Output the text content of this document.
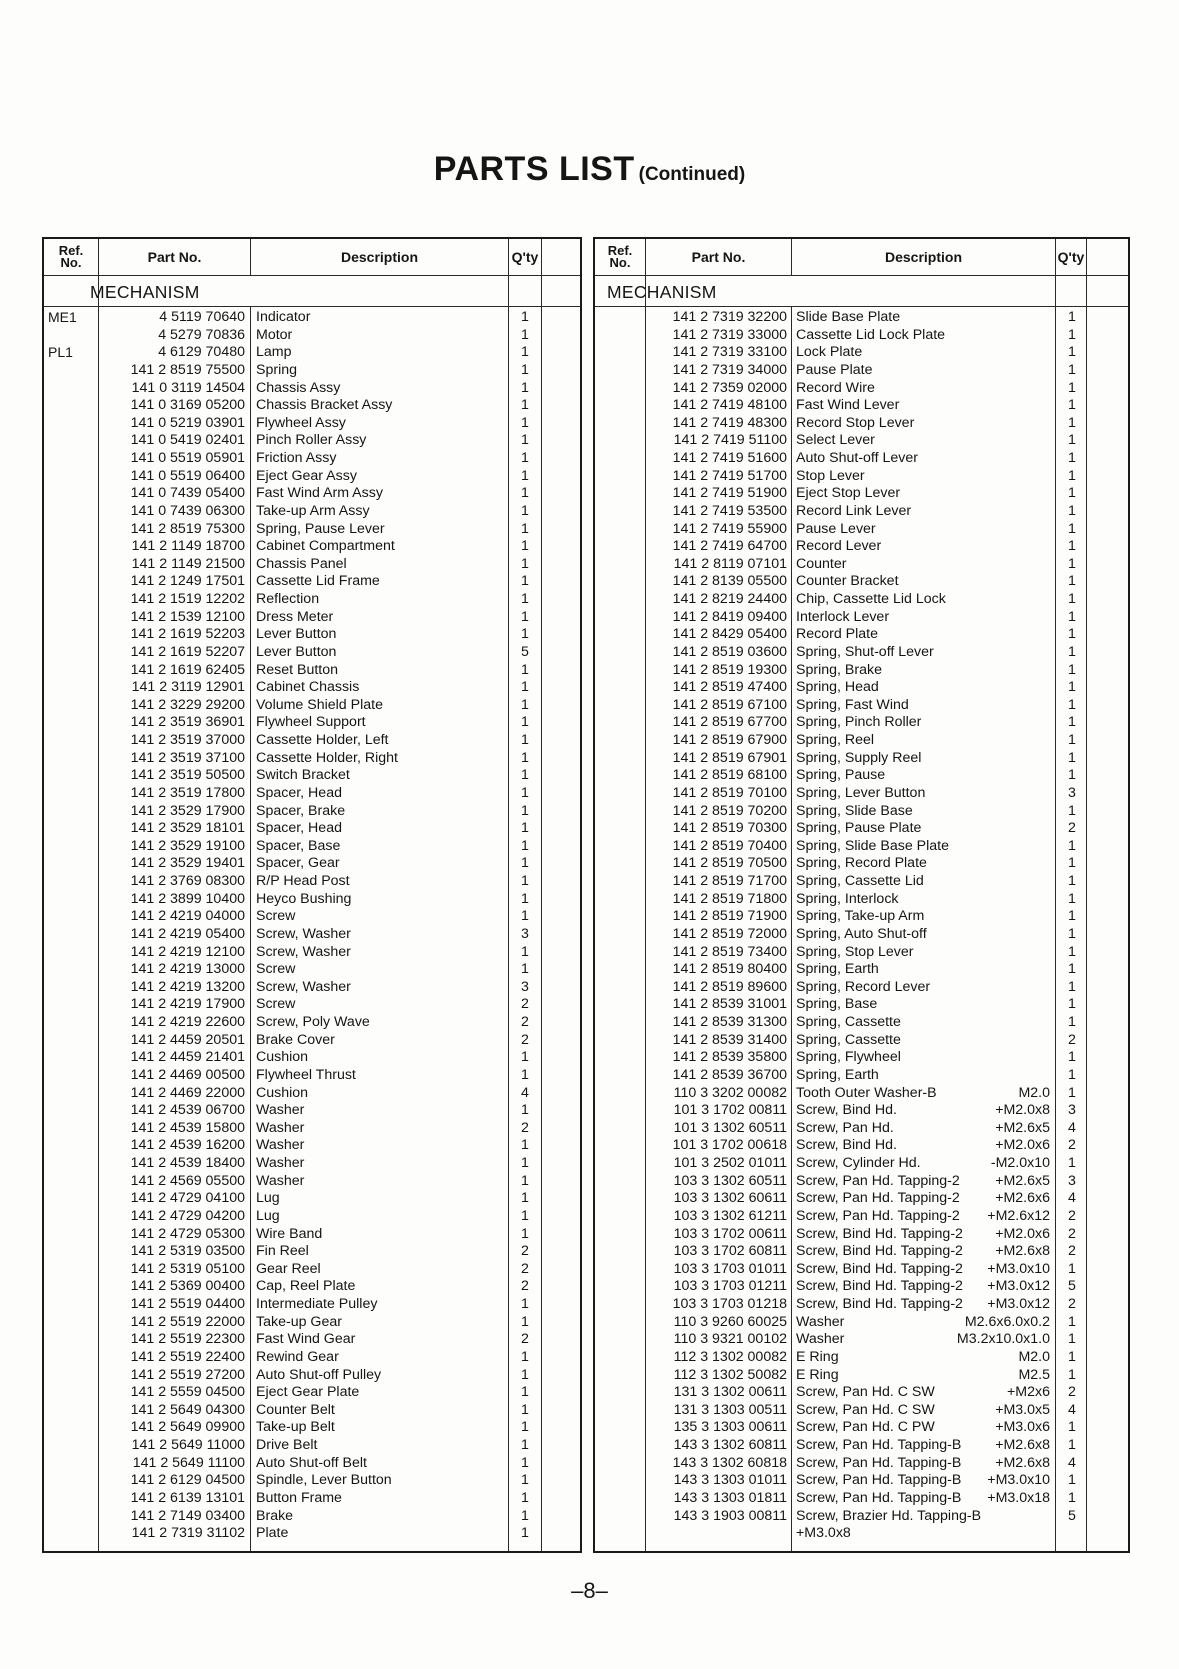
PARTS LIST (Continued)
Ref.
No.	Part No.	Description	Q'ty
MECHANISM
ME1	4 5119 70640 Indicator	1
4 5279 70836 Motor	1
PL1	4 6129 70480 Lamp	1
141 2 8519 75500 Spring	1
141 0 3119 14504 Chassis Assy	1
141 0 3169 05200 Chassis Bracket Assy	1
141 0 5219 03901 Flywheel Assy	1
141 0 5419 02401 Pinch Roller Assy	1
141 0 5519 05901 Friction Assy	1
141 0 5519 06400 Eject Gear Assy	1
141 0 7439 05400 Fast Wind Arm Assy	1
141 0 7439 06300 Take-up Arm Assy	1
141 2 8519 75300 Spring, Pause Lever	1
141 2 1149 18700 Cabinet Compartment	1
141 2 1149 21500 Chassis Panel	1
141 2 1249 17501 Cassette Lid Frame	1
141 2 1519 12202 Reflection	1
141 2 1539 12100 Dress Meter	1
141 2 1619 52203 Lever Button	1
141 2 1619 52207 Lever Button	5
141 2 1619 62405 Reset Button	1
141 2 3119 12901 Cabinet Chassis	1
141 2 3229 29200 Volume Shield Plate	1
141 2 3519 36901 Flywheel Support	1
141 2 3519 37000 Cassette Holder, Left	1
141 2 3519 37100 Cassette Holder, Right	1
141 2 3519 50500 Switch Bracket	1
141 2 3519 17800 Spacer, Head	1
141 2 3529 17900 Spacer, Brake	1
141 2 3529 18101 Spacer, Head	1
141 2 3529 19100 Spacer, Base	1
141 2 3529 19401 Spacer, Gear	1
141 2 3769 08300 R/P Head Post	1
141 2 3899 10400 Heyco Bushing	1
141 2 4219 04000 Screw	1
141 2 4219 05400 Screw, Washer	3
141 2 4219 12100 Screw, Washer	1
141 2 4219 13000 Screw	1
141 2 4219 13200 Screw, Washer	3
141 2 4219 17900 Screw	2
141 2 4219 22600 Screw, Poly Wave	2
141 2 4459 20501 Brake Cover	2
141 2 4459 21401 Cushion	1
141 2 4469 00500 Flywheel Thrust	1
141 2 4469 22000 Cushion	4
141 2 4539 06700 Washer	1
141 2 4539 15800 Washer	2
141 2 4539 16200 Washer	1
141 2 4539 18400 Washer	1
141 2 4569 05500 Washer	1
141 2 4729 04100 Lug	1
141 2 4729 04200 Lug	1
141 2 4729 05300 Wire Band	1
141 2 5319 03500 Fin Reel	2
141 2 5319 05100 Gear Reel	2
141 2 5369 00400 Cap, Reel Plate	2
141 2 5519 04400 Intermediate Pulley	1
141 2 5519 22000 Take-up Gear	1
141 2 5519 22300 Fast Wind Gear	2
141 2 5519 22400 Rewind Gear	1
141 2 5519 27200 Auto Shut-off Pulley	1
141 2 5559 04500 Eject Gear Plate	1
141 2 5649 04300 Counter Belt	1
141 2 5649 09900 Take-up Belt	1
141 2 5649 11000 Drive Belt	1
141 2 5649 11100 Auto Shut-off Belt	1
141 2 6129 04500 Spindle, Lever Button	1
141 2 6139 13101 Button Frame	1
141 2 7149 03400 Brake	1
141 2 7319 31102 Plate	1
Ref.
No.	Part No.	Description	Q'ty
MECHANISM
141 2 7319 32200 Slide Base Plate	1
141 2 7319 33000 Cassette Lid Lock Plate	1
141 2 7319 33100 Lock Plate	1
141 2 7319 34000 Pause Plate	1
141 2 7359 02000 Record Wire	1
141 2 7419 48100 Fast Wind Lever	1
141 2 7419 48300 Record Stop Lever	1
141 2 7419 51100 Select Lever	1
141 2 7419 51600 Auto Shut-off Lever	1
141 2 7419 51700 Stop Lever	1
141 2 7419 51900 Eject Stop Lever	1
141 2 7419 53500 Record Link Lever	1
141 2 7419 55900 Pause Lever	1
141 2 7419 64700 Record Lever	1
141 2 8119 07101 Counter	1
141 2 8139 05500 Counter Bracket	1
141 2 8219 24400 Chip, Cassette Lid Lock	1
141 2 8419 09400 Interlock Lever	1
141 2 8429 05400 Record Plate	1
141 2 8519 03600 Spring, Shut-off Lever	1
141 2 8519 19300 Spring, Brake	1
141 2 8519 47400 Spring, Head	1
141 2 8519 67100 Spring, Fast Wind	1
141 2 8519 67700 Spring, Pinch Roller	1
141 2 8519 67900 Spring, Reel	1
141 2 8519 67901 Spring, Supply Reel	1
141 2 8519 68100 Spring, Pause	1
141 2 8519 70100 Spring, Lever Button	3
141 2 8519 70200 Spring, Slide Base	1
141 2 8519 70300 Spring, Pause Plate	2
141 2 8519 70400 Spring, Slide Base Plate	1
141 2 8519 70500 Spring, Record Plate	1
141 2 8519 71700 Spring, Cassette Lid	1
141 2 8519 71800 Spring, Interlock	1
141 2 8519 71900 Spring, Take-up Arm	1
141 2 8519 72000 Spring, Auto Shut-off	1
141 2 8519 73400 Spring, Stop Lever	1
141 2 8519 80400 Spring, Earth	1
141 2 8519 89600 Spring, Record Lever	1
141 2 8539 31001 Spring, Base	1
141 2 8539 31300 Spring, Cassette	1
141 2 8539 31400 Spring, Cassette	2
141 2 8539 35800 Spring, Flywheel	1
141 2 8539 36700 Spring, Earth	1
110 3 3202 00082 Tooth Outer Washer-B	M2.0	1
101 3 1702 00811 Screw, Bind Hd.	+M2.0x8	3
101 3 1302 60511 Screw, Pan Hd.	+M2.6x5	4
101 3 1702 00618 Screw, Bind Hd.	+M2.0x6	2
101 3 2502 01011 Screw, Cylinder Hd.	-M2.0x10	1
103 3 1302 60511 Screw, Pan Hd. Tapping-2 +M2.6x5	3
103 3 1302 60611 Screw, Pan Hd. Tapping-2 +M2.6x6	4
103 3 1302 61211 Screw, Pan Hd. Tapping-2 +M2.6x12	2
103 3 1702 00611 Screw, Bind Hd. Tapping-2 +M2.0x6	2
103 3 1702 60811 Screw, Bind Hd. Tapping-2 +M2.6x8	2
103 3 1703 01011 Screw, Bind Hd. Tapping-2 +M3.0x10	1
103 3 1703 01211 Screw, Bind Hd. Tapping-2 +M3.0x12	5
103 3 1703 01218 Screw, Bind Hd. Tapping-2 +M3.0x12	2
110 3 9260 60025 Washer	M2.6x6.0x0.2	1
110 3 9321 00102 Washer	M3.2x10.0x1.0	1
112 3 1302 00082 E Ring	M2.0	1
112 3 1302 50082 E Ring	M2.5	1
131 3 1302 00611 Screw, Pan Hd. C SW	+M2x6	2
131 3 1303 00511 Screw, Pan Hd. C SW	+M3.0x5	4
135 3 1303 00611 Screw, Pan Hd. C PW	+M3.0x6	1
143 3 1302 60811 Screw, Pan Hd. Tapping-B +M2.6x8	1
143 3 1302 60818 Screw, Pan Hd. Tapping-B +M2.6x8	4
143 3 1303 01011 Screw, Pan Hd. Tapping-B +M3.0x10	1
143 3 1303 01811 Screw, Pan Hd. Tapping-B +M3.0x18	1
143 3 1903 00811 Screw, Brazier Hd. Tapping-B	5
+M3.0x8
–8–
